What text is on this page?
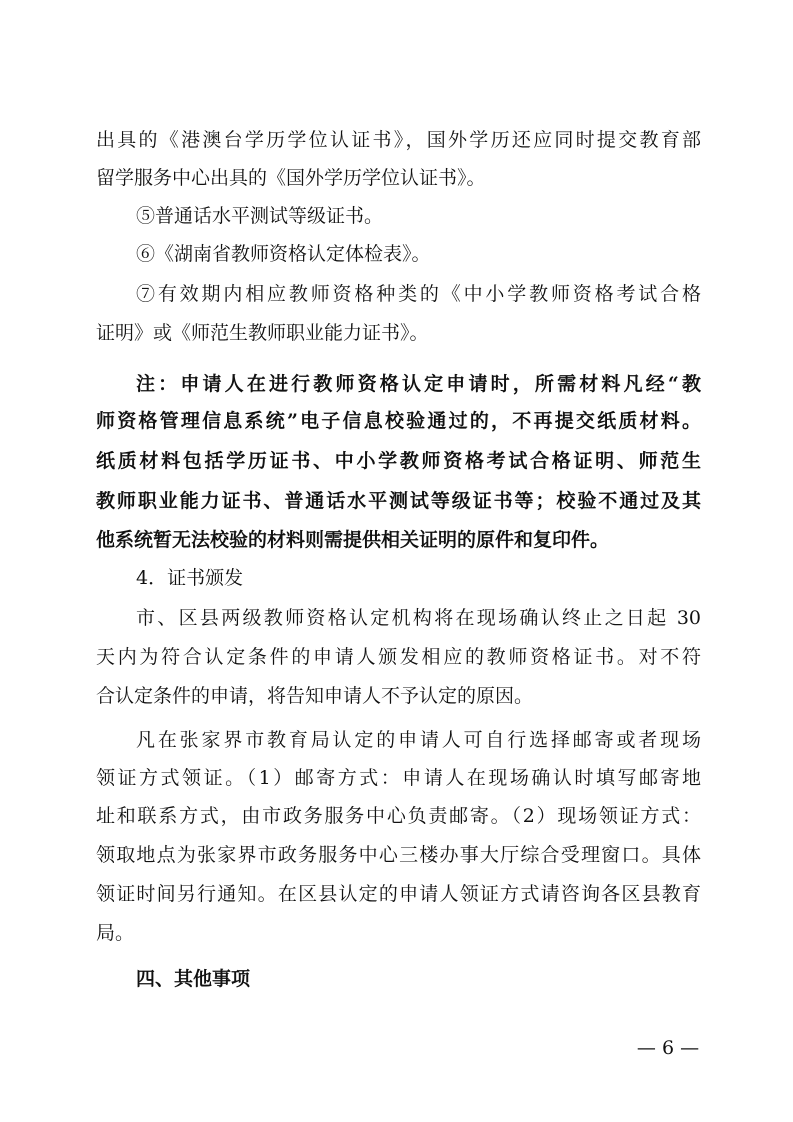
出具的《港澳台学历学位认证书》，国外学历还应同时提交教育部
留学服务中心出具的《国外学历学位认证书》。
⑤普通话水平测试等级证书。
⑥《湖南省教师资格认定体检表》。
⑦有效期内相应教师资格种类的《中小学教师资格考试合格
证明》或《师范生教师职业能力证书》。
注：申请人在进行教师资格认定申请时，所需材料凡经“教
师资格管理信息系统”电子信息校验通过的，不再提交纸质材料。
纸质材料包括学历证书、中小学教师资格考试合格证明、师范生
教师职业能力证书、普通话水平测试等级证书等；校验不通过及其
他系统暂无法校验的材料则需提供相关证明的原件和复印件。
4．证书颁发
市、区县两级教师资格认定机构将在现场确认终止之日起 30
天内为符合认定条件的申请人颁发相应的教师资格证书。对不符
合认定条件的申请，将告知申请人不予认定的原因。
凡在张家界市教育局认定的申请人可自行选择邮寄或者现场
领证方式领证。（1）邮寄方式：申请人在现场确认时填写邮寄地
址和联系方式，由市政务服务中心负责邮寄。（2）现场领证方式：
领取地点为张家界市政务服务中心三楼办事大厅综合受理窗口。具体
领证时间另行通知。在区县认定的申请人领证方式请咨询各区县教育
局。
四、其他事项
— 6 —
